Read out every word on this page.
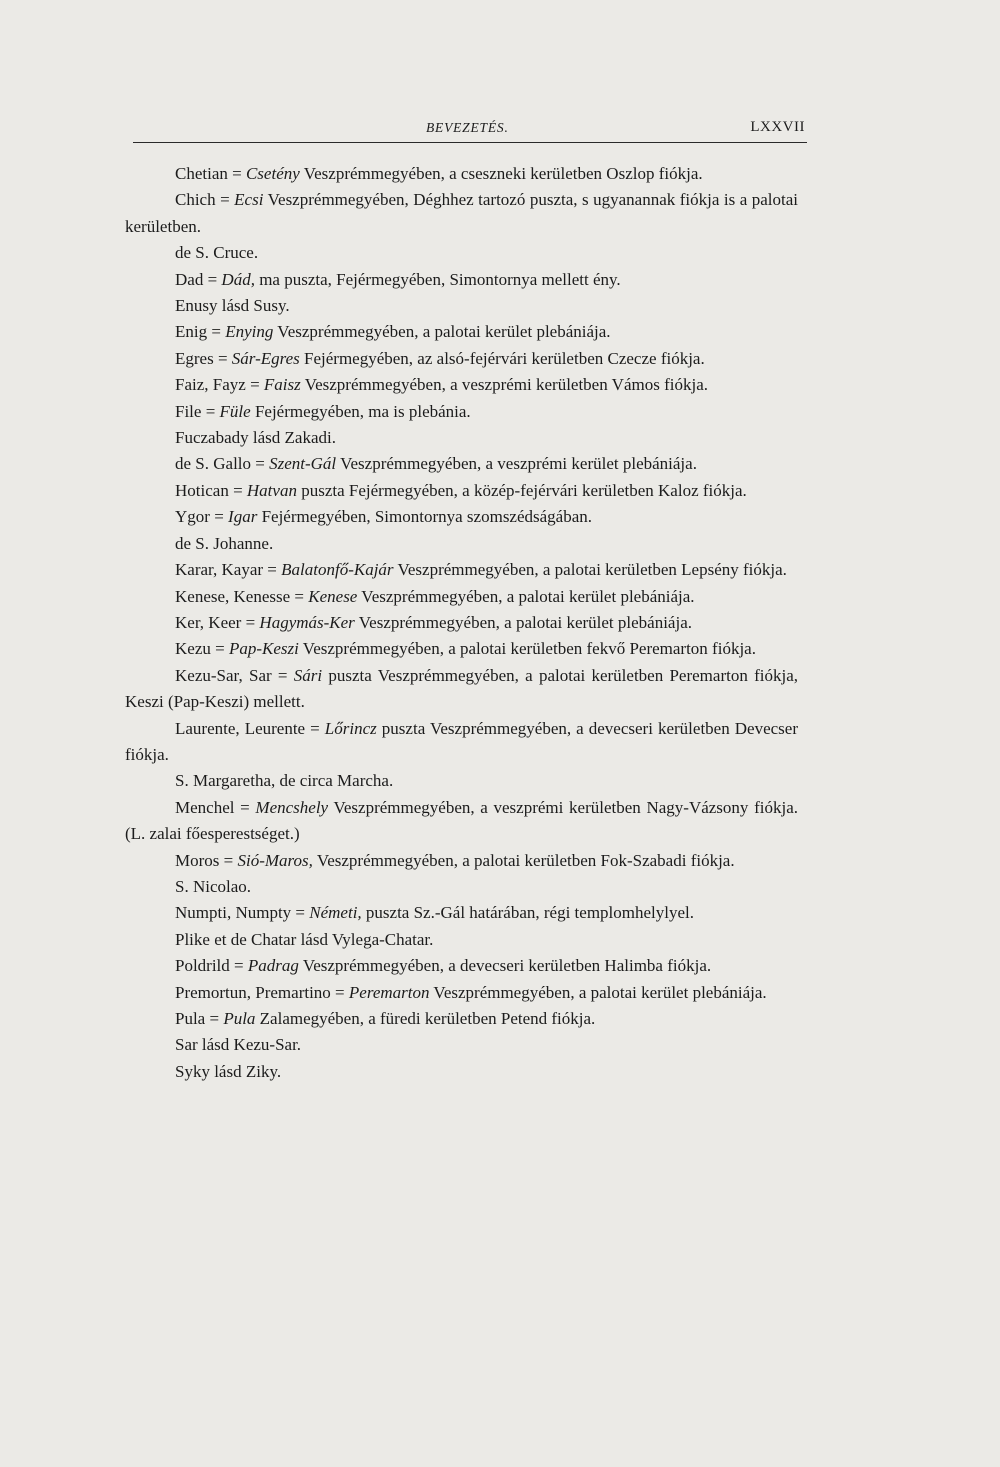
BEVEZETÉS.	LXXVII
Chetian = Csetény Veszprémmegyében, a cseszneki kerületben Oszlop fiókja.
Chich = Ecsi Veszprémmegyében, Déghhez tartozó puszta, s ugyanannak fiókja is a palotai kerületben.
de S. Cruce.
Dad = Dád, ma puszta, Fejérmegyében, Simontornya mellett ény.
Enusy lásd Susy.
Enig = Enying Veszprémmegyében, a palotai kerület plebániája.
Egres = Sár-Egres Fejérmegyében, az alsó-fejérvári kerületben Czecze fiókja.
Faiz, Fayz = Faisz Veszprémmegyében, a veszprémi kerületben Vámos fiókja.
File = Füle Fejérmegyében, ma is plebánia.
Fuczabady lásd Zakadi.
de S. Gallo = Szent-Gál Veszprémmegyében, a veszprémi kerület plebániája.
Hotican = Hatvan puszta Fejérmegyében, a közép-fejérvári kerületben Kaloz fiókja.
Ygor = Igar Fejérmegyében, Simontornya szomszédságában.
de S. Johanne.
Karar, Kayar = Balatonfő-Kajár Veszprémmegyében, a palotai kerületben Lepsény fiókja.
Kenese, Kenesse = Kenese Veszprémmegyében, a palotai kerület plebániája.
Ker, Keer = Hagymás-Ker Veszprémmegyében, a palotai kerület plebániája.
Kezu = Pap-Keszi Veszprémmegyében, a palotai kerületben fekvő Peremarton fiókja.
Kezu-Sar, Sar = Sári puszta Veszprémmegyében, a palotai kerületben Peremarton fiókja, Keszi (Pap-Keszi) mellett.
Laurente, Leurente = Lőrincz puszta Veszprémmegyében, a devecseri kerületben Devecser fiókja.
S. Margaretha, de circa Marcha.
Menchel = Mencshely Veszprémmegyében, a veszprémi kerületben Nagy-Vázsony fiókja. (L. zalai főesperestséget.)
Moros = Sió-Maros, Veszprémmegyében, a palotai kerületben Fok-Szabadi fiókja.
S. Nicolao.
Numpti, Numpty = Németi, puszta Sz.-Gál határában, régi templomhelylyel.
Plike et de Chatar lásd Vylega-Chatar.
Poldrild = Padrag Veszprémmegyében, a devecseri kerületben Halimba fiókja.
Premortun, Premartino = Peremarton Veszprémmegyében, a palotai kerület plebániája.
Pula = Pula Zalamegyében, a füredi kerületben Petend fiókja.
Sar lásd Kezu-Sar.
Syky lásd Ziky.
